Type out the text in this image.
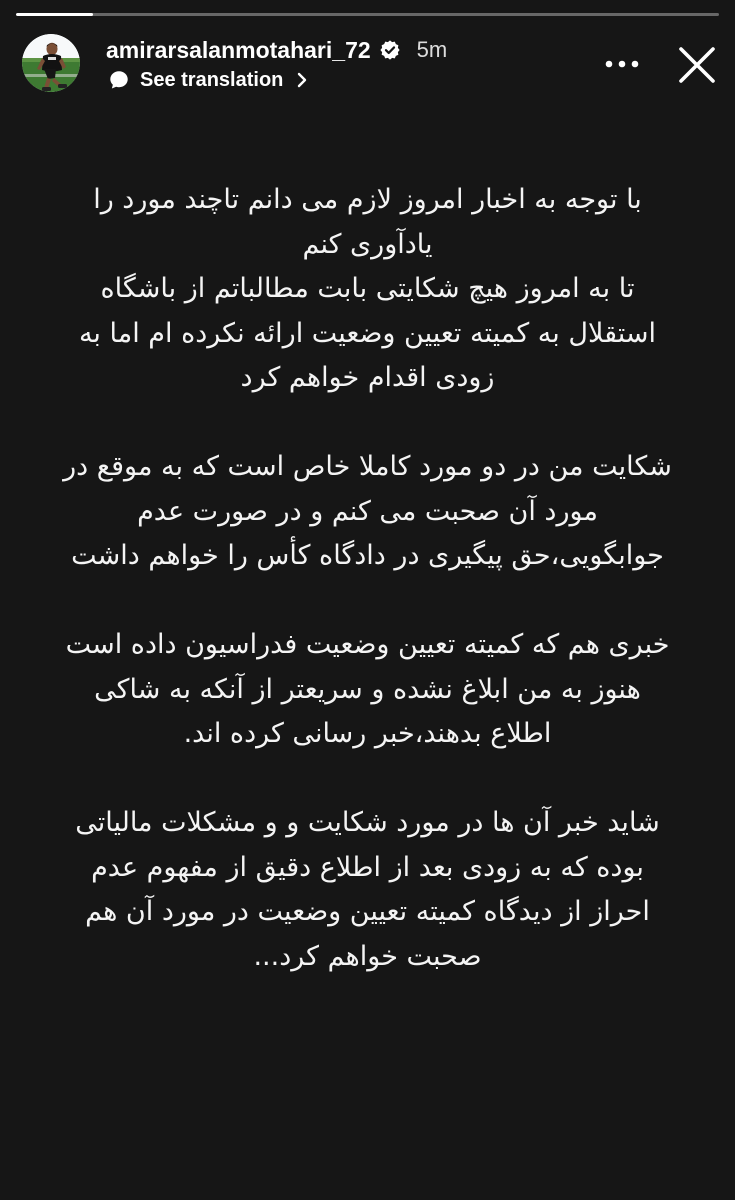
amirarsalanmotahari_72 5m
See translation

با توجه به اخبار امروز لازم می دانم تاچند مورد را
یادآوری کنم
تا به امروز هیچ شکایتی بابت مطالباتم از باشگاه
استقلال به کمیته تعیین وضعیت ارائه نکرده ام اما به
زودی اقدام خواهم کرد

شکایت من در دو مورد کاملا خاص است که به موقع در
مورد آن صحبت می کنم و در صورت عدم
جوابگویی،حق پیگیری در دادگاه کأس را خواهم داشت

خبری هم که کمیته تعیین وضعیت فدراسیون داده است
هنوز به من ابلاغ نشده و سریعتر از آنکه به شاکی
اطلاع بدهند،خبر رسانی کرده اند.

شاید خبر آن ها در مورد شکایت و و مشکلات مالیاتی
بوده که به زودی بعد از اطلاع دقیق از مفهوم عدم
احراز از دیدگاه کمیته تعیین وضعیت در مورد آن هم
صحبت خواهم کرد...
